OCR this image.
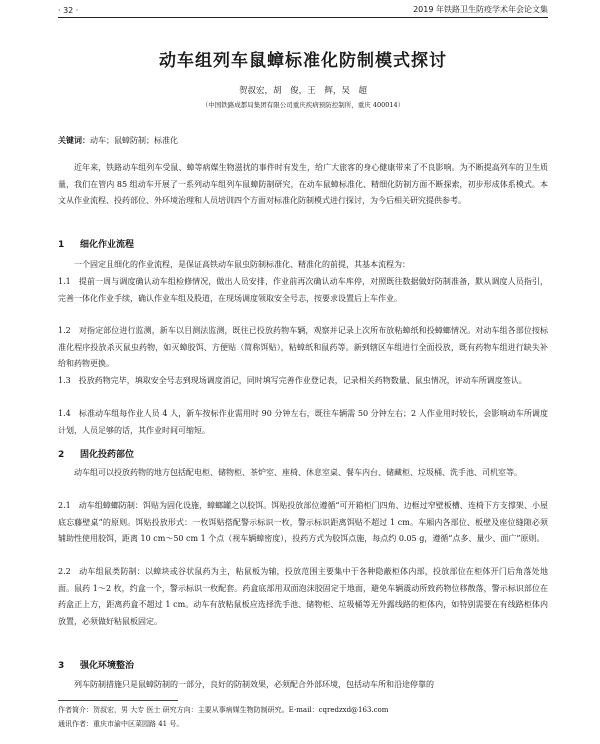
· 32 ·	2019 年铁路卫生防疫学术年会论文集
动车组列车鼠蟑标准化防制模式探讨
贺叔宏，胡 俊，王 辉，吴 超
（中国铁路成都局集团有限公司重庆疾病预防控制所，重庆 400014）
关键词：动车；鼠蟑防制；标准化

近年来，铁路动车组列车受鼠、蟑等病媒生物滋扰的事件时有发生，给广大旅客的身心健康带来了不良影响。为不断提高列车的卫生质量，我们在管内 85 组动车开展了一系列动车组列车鼠蟑防制研究，在动车鼠蟑标准化、精细化防制方面不断探索，初步形成体系模式。本文从作业流程、投药部位、外环境治理和人员培训四个方面对标准化防制模式进行探讨，为今后相关研究提供参考。

1 细化作业流程

一个固定且细化的作业流程，是保证高铁动车鼠虫防制标准化、精准化的前提，其基本流程为：

1.1　提前一周与调度确认动车组检修情况，做出人员安排，作业前再次确认动车库停，对照既往数据做好防制准备，默从调度人员指引，完善一体化作业手续，确认作业车组及股道，在现场调度领取安全号志，按要求设置后上车作业。

1.2　对指定部位进行监测，新车以目测法监测，既往已投放药物车辆，观察并记录上次所布放粘蟑纸和投蟑螂情况。对动车组各部位按标准化程序投放杀灭鼠虫药物，如灭蟑胶饵、方便贴（简称饵贴），粘蟑纸和鼠药等。新到辖区车组进行全面投放，既有药物车组进行缺失补给和药物更换。

1.3　投放药物完毕，填取安全号志到现场调度消记，同时填写完善作业登记表，记录相关药物数量、鼠虫情况，评动车所调度签认。

1.4　标准动车组每作业人员 4 人，新车按标作业需用时 90 分钟左右，既往车辆需 50 分钟左右；2 人作业用时较长，会影响动车所调度计划，人员足够的话，其作业时间可缩短。

2 固化投药部位

动车组可以投放药物的地方包括配电柜、储物柜、茶炉室、座椅、休息室桌、餐车内台、储藏柜、垃圾桶、洗手池、司机室等。

2.1　动车组蟑螂防制：饵贴为固化设施，蟑螂罐之以胶饵。饵贴投放部位遵循“可开箱柜门四角、边框过窄壁板槽、连椅下方支撑架、小屋底忘藤壁桌”的原则。饵贴投放形式：一枚饵贴搭配警示标识一枚，警示标识距离饵贴不超过 1 cm。车厢内各部位、板壁及座位缝隙必须辅助性使用胶饵，距离 10 cm～50 cm 1 个点（视车辆蟑密度），投药方式为胶饵点施，每点约 0.05 g，遵循“点多、量少、面广”原则。

2.2　动车组鼠类防制：以蟑块或谷状鼠药为主，粘鼠板为辅，投放范围主要集中于各种隐蔽柜体内部，投放部位在柜体开门后角落处地面。鼠药 1～2 枚，约盒一个，警示标识一枚配套。药盒底部用双面泡沫胶固定于地面，避免车辆震动所致药物位移散落，警示标识部位在药盒正上方，距离药盒不超过 1 cm。动车有放粘鼠板应选择洗手池、储物柜、垃圾桶等无外露线路的柜体内，如特别需要在有线路柜体内放置，必须做好粘鼠板固定。

3 强化环境整治

列车防制措施只是鼠蟑防制的一部分，良好的防制效果，必须配合外部环境，包括动车所和沿途停靠的

作者简介：贺叔宏，男 大专 医士 研究方向：主要从事病媒生物防制研究。E-mail：cqredzxd@163.com

通讯作者：重庆市渝中区菜园路 41 号。
